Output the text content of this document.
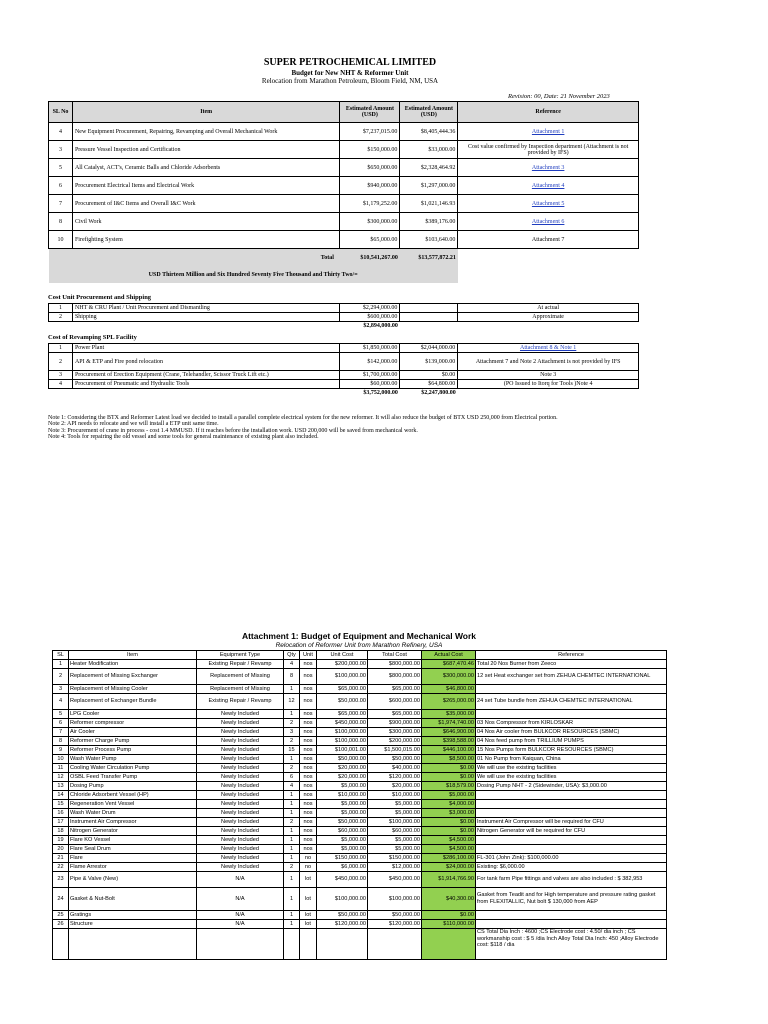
SUPER PETROCHEMICAL LIMITED
Budget for New NHT & Reformer Unit
Relocation from Marathon Petroleum, Bloom Field, NM, USA
Revision: 00, Date: 21 November 2023
SL No	Item	Estimated Amount (USD)	Estimated Amount (USD)	Reference
4	New Equipment Procurement, Repairing, Revamping and Overall Mechanical Work	$7,237,015.00	$8,405,444.36	Attachment 1
3	Pressure Vessel Inspection and Certification	$150,000.00	$33,000.00	Cost value confirmed by Inspection department (Attachment is not provided by IFS)
5	All Catalyst, ACT's, Ceramic Balls and Chloride Adsorbents	$650,000.00	$2,328,464.92	Attachment 3
6	Procurement Electrical Items and Electrical Work	$940,000.00	$1,297,000.00	Attachment 4
7	Procurement of I&C Items and Overall I&C Work	$1,179,252.00	$1,021,146.93	Attachment 5
8	Civil Work	$300,000.00	$389,176.00	Attachment 6
10	Firefighting System	$65,000.00	$103,640.00	Attachment 7
Total		$10,541,267.00	$13,577,872.21	
USD Thirteen Million and Six Hundred Seventy Five Thousand and Thirty Two/=				
Cost Unit Procurement and Shipping
1	NHT & CRU Plant / Unit Procurement and Dismantling	$2,294,000.00		At actual
2	Shipping	$600,000.00		Approximate
		$2,894,000.00		
Cost of Revamping SPL Facility
1	Power Plant	$1,850,000.00	$2,044,000.00	Attachment 8 & Note 1
2	API & ETP and Fire pond relocation	$142,000.00	$139,000.00	Attachment 7 and Note 2 Attachment is not provided by IFS
3	Procurement of Erection Equipment (Crane, Telehandler, Scissor Truck Lift etc.)	$1,700,000.00	$0.00	Note 3
4	Procurement of Pneumatic and Hydraulic Tools	$60,000.00	$64,800.00	(PO Issued to Itorq for Tools )Note 4
		$3,752,000.00	$2,247,800.00	
Note 1: Considering the BTX and Reformer Latest load we decided to install a parallel complete electrical system for the new reformer. It will also reduce the budget of BTX USD 250,000 from Electrical portion.
Note 2: API needs to relocate and we will install a ETP unit same time.
Note 3: Procurement of crane in process - cost 1.4 MMUSD. If it reaches before the installation work. USD 200,000 will be saved from mechanical work.
Note 4: Tools for repairing the old vessel and some tools for general maintenance of existing plant also included.
Attachment 1: Budget of Equipment and Mechanical Work
Relocation of Reformer Unit from Marathon Refinery, USA
SL	Item	Equipment Type	Qty	Unit	Unit Cost	Total Cost	Actual Cost	Reference
1	Heater Modification	Existing Repair / Revamp	4	nos	$200,000.00	$800,000.00	$687,470.46	Total 20 Nos Burner from Zeeco
2	Replacement of Missing Exchanger	Replacement of Missing	8	nos	$100,000.00	$800,000.00	$300,000.00	12 set Heat exchanger set from ZEHUA CHEMTEC INTERNATIONAL
3	Replacement of Missing Cooler	Replacement of Missing	1	nos	$65,000.00	$65,000.00	$46,800.00	
4	Replacement of Exchanger Bundle	Existing Repair / Revamp	12	nos	$50,000.00	$600,000.00	$265,000.00	24 set Tube bundle from ZEHUA CHEMTEC INTERNATIONAL
5	LPG Cooler	Newly Included	1	nos	$65,000.00	$65,000.00	$35,000.00	
6	Reformer compressor	Newly Included	2	nos	$450,000.00	$900,000.00	$1,974,740.00	03 Nos Compressor from KIRLOSKAR
7	Air Cooler	Newly Included	3	nos	$100,000.00	$300,000.00	$646,900.00	04 Nos Air cooler from BULKCOR RESOURCES (SBMC)
8	Reformer Charge Pump	Newly Included	2	nos	$100,000.00	$200,000.00	$398,588.00	04 Nos feed pump from TRILLIUM PUMPS
9	Reformer Process Pump	Newly Included	15	nos	$100,001.00	$1,500,015.00	$446,100.00	15 Nos Pumps form BULKCOR RESOURCES (SBMC)
10	Wash Water Pump	Newly Included	1	nos	$50,000.00	$50,000.00	$8,500.00	01 No Pump from Kaiquan, China
11	Cooling Water Circulation Pump	Newly Included	2	nos	$20,000.00	$40,000.00	$0.00	We will use the existing facilities
12	OSBL Feed Transfer Pump	Newly Included	6	nos	$20,000.00	$120,000.00	$0.00	We will use the existing facilities
13	Dosing Pump	Newly Included	4	nos	$5,000.00	$20,000.00	$18,579.00	Dosing Pump NHT - 2 (Sidewinder, USA): $3,000.00
14	Chloride Adsorbent Vessel (HP)	Newly Included	1	nos	$10,000.00	$10,000.00	$5,000.00	
15	Regeneration Vent Vessel	Newly Included	1	nos	$5,000.00	$5,000.00	$4,000.00	
16	Wash Water Drum	Newly Included	1	nos	$5,000.00	$5,000.00	$3,000.00	
17	Instrument Air Compressor	Newly Included	2	nos	$50,000.00	$100,000.00	$0.00	Instrument Air Compressor will be required for CFU
18	Nitrogen Generator	Newly Included	1	nos	$60,000.00	$60,000.00	$0.00	Nitrogen Generator will be required for CFU
19	Flare KO Vessel	Newly Included	1	nos	$5,000.00	$5,000.00	$4,500.00	
20	Flare Seal Drum	Newly Included	1	nos	$5,000.00	$5,000.00	$4,500.00	
21	Flare	Newly Included	1	no	$150,000.00	$150,000.00	$286,100.00	FL-301 (John Zink): $100,000.00
22	Flame Arrestor	Newly Included	2	no	$6,000.00	$12,000.00	$24,000.00	Existing: $6,000.00
23	Pipe & Valve (New)	N/A	1	lot	$450,000.00	$450,000.00	$1,914,766.90	For tank farm Pipe fittings and valves are also included : $ 382,953
24	Gasket & Nut-Bolt	N/A	1	lot	$100,000.00	$100,000.00	$40,300.00	Gasket from Teadit and for High temperature and pressure rating gasket from FLEXITALLIC, Nut bolt $ 130,000 from AEP
25	Gratings	N/A	1	lot	$50,000.00	$50,000.00	$0.00	
26	Structure	N/A	1	lot	$120,000.00	$120,000.00	$110,000.00	
								CS Total Dia Inch : 4600 ;CS Electrode cost : 4.50/ dia inch ; CS workmanship cost : $ 5 /dia Inch Alloy Total Dia Inch: 450 ;Alloy Electrode cost: $118 / dia
